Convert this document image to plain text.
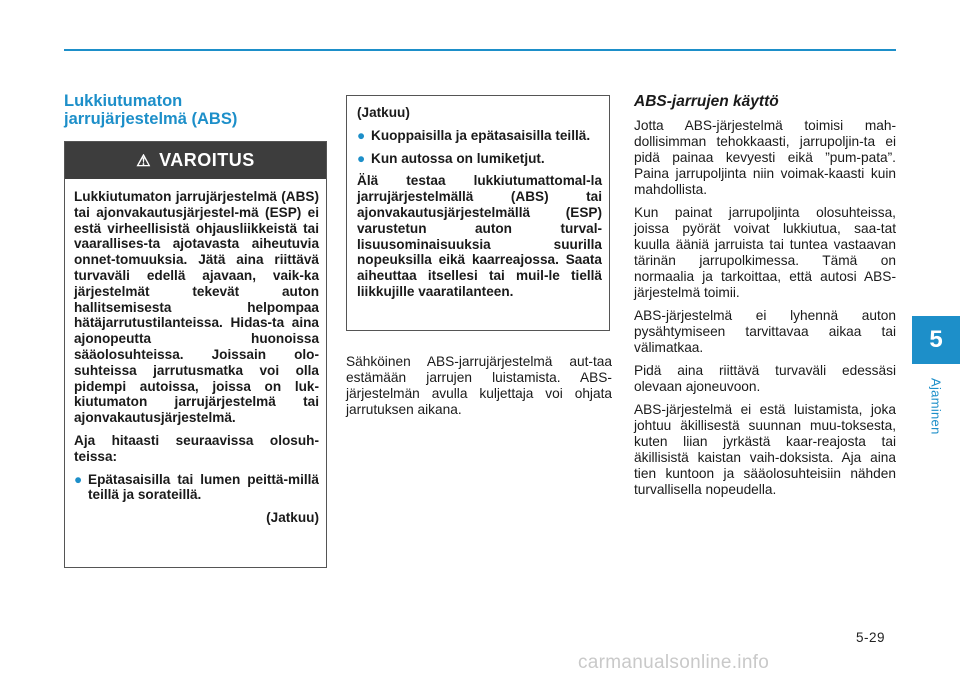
5
Ajaminen
Lukkiutumaton
jarrujärjestelmä (ABS)
⚠ VAROITUS

Lukkiutumaton jarrujärjestelmä (ABS) tai ajonvakautusjärjestel-mä (ESP) ei estä virheellisistä ohjausliikkeistä tai vaarallises-ta ajotavasta aiheutuvia onnet-tomuuksia. Jätä aina riittävä turvaväli edellä ajavaan, vaik-ka järjestelmät tekevät auton hallitsemisesta helpompaa hätäjarrutustilanteissa. Hidas-ta aina ajonopeutta huonoissa sääolosuhteissa. Joissain olo-suhteissa jarrutusmatka voi olla pidempi autoissa, joissa on luk-kiutumaton jarrujärjestelmä tai ajonvakautusjärjestelmä.

Aja hitaasti seuraavissa olosuh-teissa:

● Epätasaisilla tai lumen peittä-millä teillä ja sorateillä.
(Jatkuu)

(Jatkuu)

● Kuoppaisilla ja epätasaisilla teillä.
● Kun autossa on lumiketjut.

Älä testaa lukkiutumattomal-la jarrujärjestelmällä (ABS) tai ajonvakautusjärjestelmällä (ESP) varustetun auton turval-lisuusominaisuuksia suurilla nopeuksilla eikä kaarreajossa. Saata aiheuttaa itsellesi tai muil-le tiellä liikkujille vaaratilanteen.

Sähköinen ABS-jarrujärjestelmä aut-taa estämään jarrujen luistamista. ABS-järjestelmän avulla kuljettaja voi ohjata jarrutuksen aikana.
ABS-jarrujen käyttö

Jotta ABS-järjestelmä toimisi mah-dollisimman tehokkaasti, jarrupoljin-ta ei pidä painaa kevyesti eikä ”pum-pata”. Paina jarrupoljinta niin voimak-kaasti kuin mahdollista.

Kun painat jarrupoljinta olosuhteissa, joissa pyörät voivat lukkiutua, saa-tat kuulla ääniä jarruista tai tuntea vastaavan tärinän jarrupolkimessa. Tämä on normaalia ja tarkoittaa, että autosi ABS-järjestelmä toimii.

ABS-järjestelmä ei lyhennä auton pysähtymiseen tarvittavaa aikaa tai välimatkaa.

Pidä aina riittävä turvaväli edessäsi olevaan ajoneuvoon.

ABS-järjestelmä ei estä luistamista, joka johtuu äkillisestä suunnan muu-toksesta, kuten liian jyrkästä kaar-reajosta tai äkillisistä kaistan vaih-doksista. Aja aina tien kuntoon ja sääolosuhteisiin nähden turvallisella nopeudella.

5-29
carmanualsonline.info
